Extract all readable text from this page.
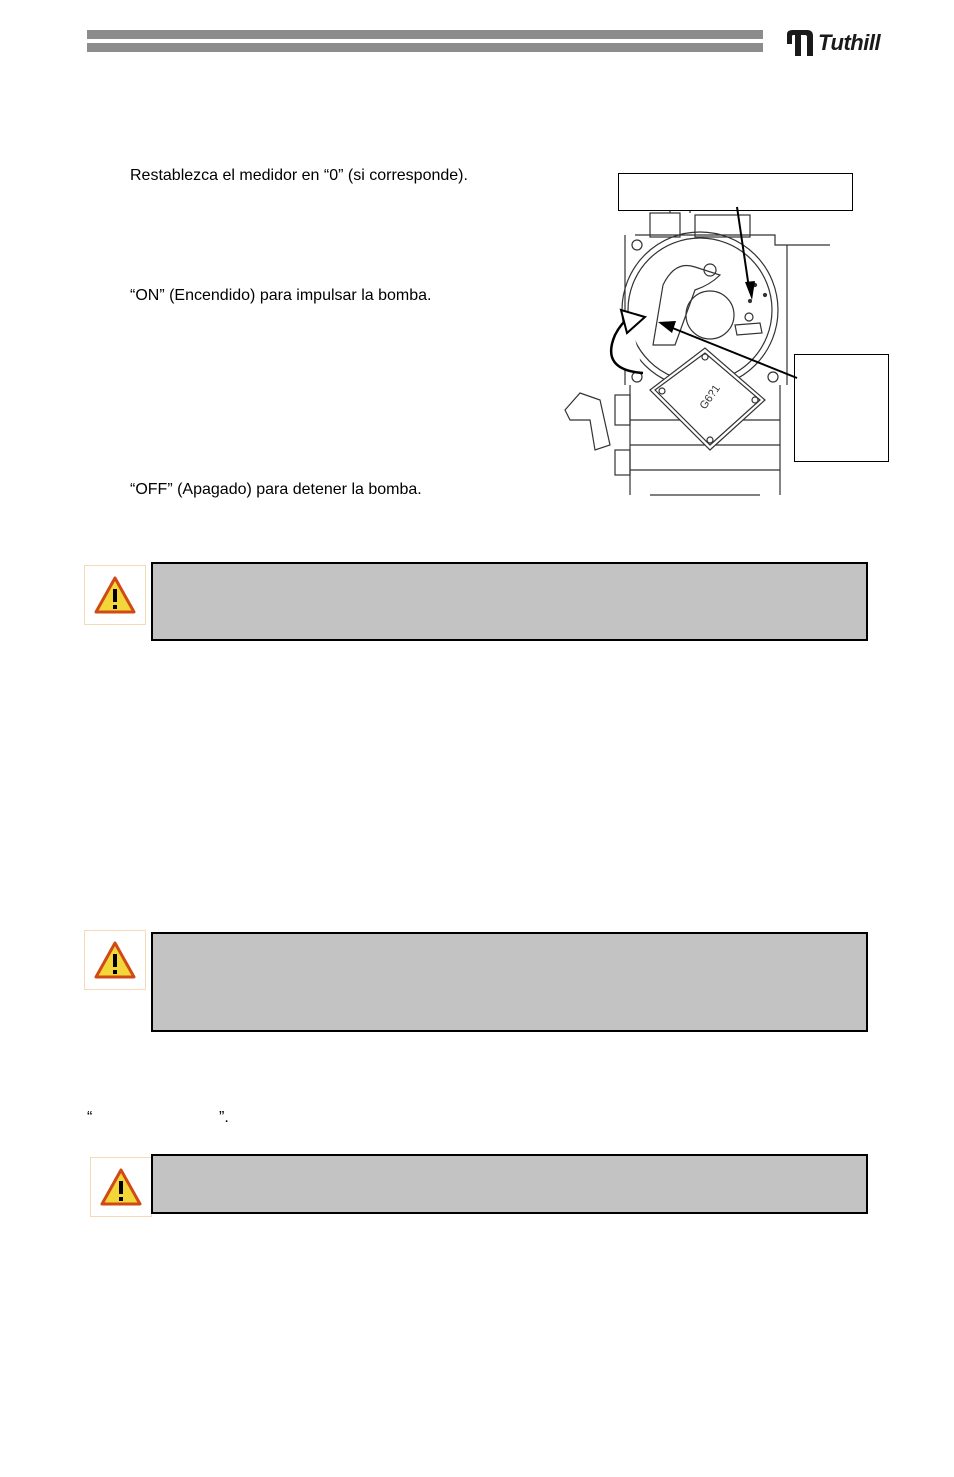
Tuthill
Restablezca el medidor en “0” (si corresponde).
“ON” (Encendido) para impulsar la bomba.
“OFF” (Apagado) para detener la bomba.
G6?1
“	”.
